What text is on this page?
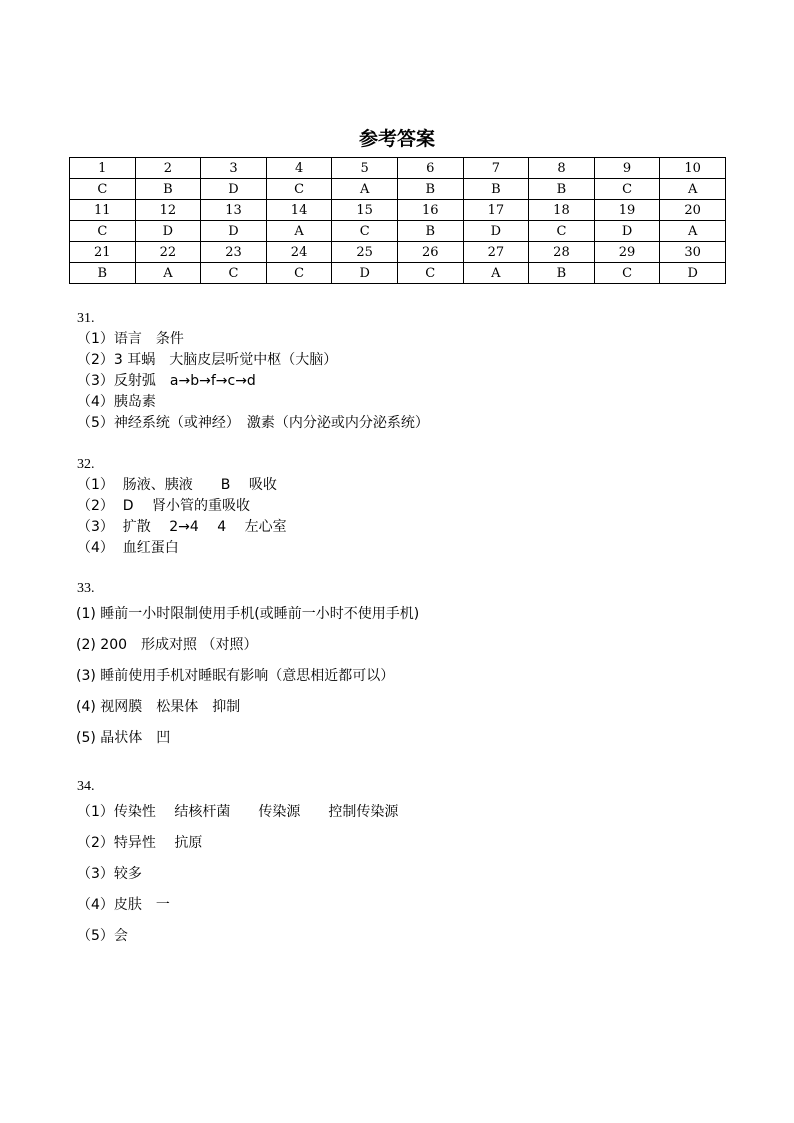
参考答案
1	2	3	4	5	6	7	8	9	10
C	B	D	C	A	B	B	B	C	A
11	12	13	14	15	16	17	18	19	20
C	D	D	A	C	B	D	C	D	A
21	22	23	24	25	26	27	28	29	30
B	A	C	C	D	C	A	B	C	D
31.
（1）语言　条件
（2）3 耳蜗　大脑皮层听觉中枢（大脑）
（3）反射弧　a→b→f→c→d
（4）胰岛素
（5）神经系统（或神经）　激素（内分泌或内分泌系统）
32.
（1）  肠液、胰液　　B　 吸收
（2）  D　 肾小管的重吸收
（3）  扩散　 2→4　 4　 左心室
（4）  血红蛋白
33.
(1) 睡前一小时限制使用手机(或睡前一小时不使用手机)
(2) 200　形成对照 （对照）
(3) 睡前使用手机对睡眠有影响（意思相近都可以）
(4) 视网膜　松果体　抑制
(5) 晶状体　凹
34.
（1）传染性　 结核杆菌　　传染源　　控制传染源
（2）特异性　 抗原
（3）较多
（4）皮肤　一
（5）会
